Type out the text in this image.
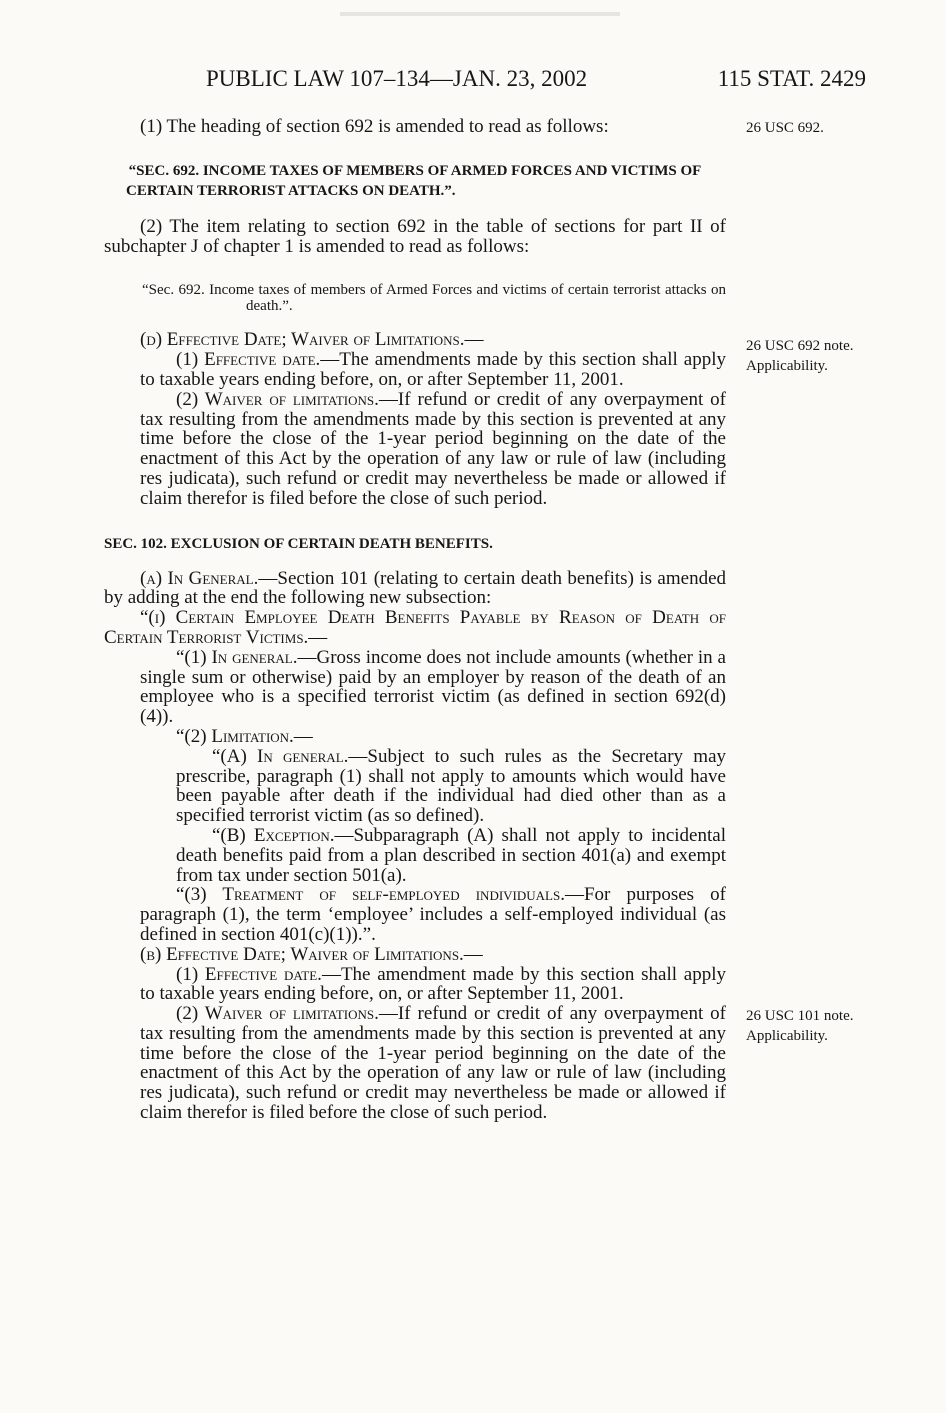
PUBLIC LAW 107–134—JAN. 23, 2002	115 STAT. 2429
26 USC 692.
26 USC 692 note.
Applicability.
26 USC 101 note.
Applicability.

(1) The heading of section 692 is amended to read as follows:

“SEC. 692. INCOME TAXES OF MEMBERS OF ARMED FORCES AND VICTIMS OF CERTAIN TERRORIST ATTACKS ON DEATH.”.

(2) The item relating to section 692 in the table of sections for part II of subchapter J of chapter 1 is amended to read as follows:

“Sec. 692. Income taxes of members of Armed Forces and victims of certain terrorist attacks on death.”.

(d) Effective Date; Waiver of Limitations.—

(1) Effective date.—The amendments made by this section shall apply to taxable years ending before, on, or after September 11, 2001.

(2) Waiver of limitations.—If refund or credit of any overpayment of tax resulting from the amendments made by this section is prevented at any time before the close of the 1-year period beginning on the date of the enactment of this Act by the operation of any law or rule of law (including res judicata), such refund or credit may nevertheless be made or allowed if claim therefor is filed before the close of such period.

SEC. 102. EXCLUSION OF CERTAIN DEATH BENEFITS.

(a) In General.—Section 101 (relating to certain death benefits) is amended by adding at the end the following new subsection:

“(i) Certain Employee Death Benefits Payable by Reason of Death of Certain Terrorist Victims.—

“(1) In general.—Gross income does not include amounts (whether in a single sum or otherwise) paid by an employer by reason of the death of an employee who is a specified terrorist victim (as defined in section 692(d)(4)).

“(2) Limitation.—

“(A) In general.—Subject to such rules as the Secretary may prescribe, paragraph (1) shall not apply to amounts which would have been payable after death if the individual had died other than as a specified terrorist victim (as so defined).

“(B) Exception.—Subparagraph (A) shall not apply to incidental death benefits paid from a plan described in section 401(a) and exempt from tax under section 501(a).

“(3) Treatment of self-employed individuals.—For purposes of paragraph (1), the term ‘employee’ includes a self-employed individual (as defined in section 401(c)(1)).”.

(b) Effective Date; Waiver of Limitations.—

(1) Effective date.—The amendment made by this section shall apply to taxable years ending before, on, or after September 11, 2001.

(2) Waiver of limitations.—If refund or credit of any overpayment of tax resulting from the amendments made by this section is prevented at any time before the close of the 1-year period beginning on the date of the enactment of this Act by the operation of any law or rule of law (including res judicata), such refund or credit may nevertheless be made or allowed if claim therefor is filed before the close of such period.
